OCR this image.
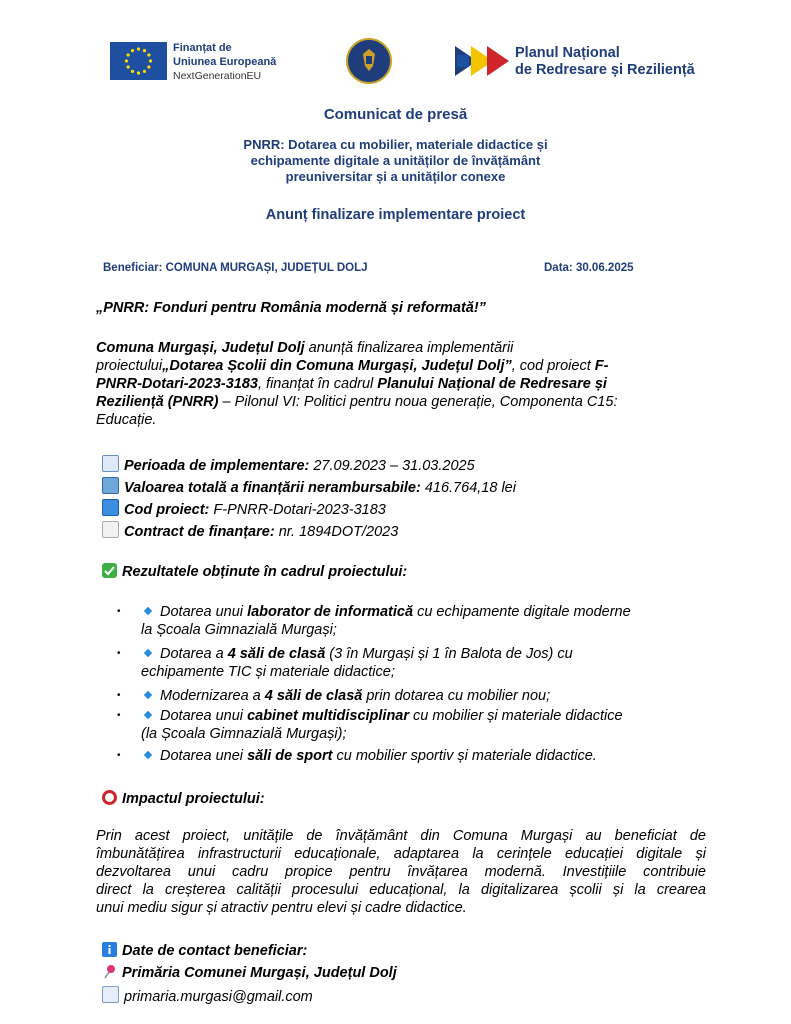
Finanțat de
Uniunea Europeană
NextGenerationEU
Planul Național
de Redresare și Reziliență
Comunicat de presă
PNRR: Dotarea cu mobilier, materiale didactice și
echipamente digitale a unităților de învățământ
preuniversitar și a unităților conexe
Anunț finalizare implementare proiect
Beneficiar: COMUNA MURGAȘI, JUDEȚUL DOLJ	Data: 30.06.2025
„PNRR: Fonduri pentru România modernă și reformată!”
Comuna Murgași, Județul Dolj anunță finalizarea implementării
proiectului„Dotarea Școlii din Comuna Murgași, Județul Dolj”, cod proiect F-
PNRR-Dotari-2023-3183, finanțat în cadrul Planului Național de Redresare și
Reziliență (PNRR) – Pilonul VI: Politici pentru noua generație, Componenta C15:
Educație.
Perioada de implementare: 27.09.2023 – 31.03.2025
Valoarea totală a finanțării nerambursabile: 416.764,18 lei
Cod proiect: F-PNRR-Dotari-2023-3183
Contract de finanțare: nr. 1894DOT/2023
Rezultatele obținute în cadrul proiectului:
•	Dotarea unui laborator de informatică cu echipamente digitale moderne
la Școala Gimnazială Murgași;
•	Dotarea a 4 săli de clasă (3 în Murgași și 1 în Balota de Jos) cu
echipamente TIC și materiale didactice;
•	Modernizarea a 4 săli de clasă prin dotarea cu mobilier nou;
•	Dotarea unui cabinet multidisciplinar cu mobilier și materiale didactice
(la Școala Gimnazială Murgași);
•	Dotarea unei săli de sport cu mobilier sportiv și materiale didactice.
Impactul proiectului:
Prin acest proiect, unitățile de învățământ din Comuna Murgași au beneficiat de
îmbunătățirea infrastructurii educaționale, adaptarea la cerințele educației digitale și
dezvoltarea unui cadru propice pentru învățarea modernă. Investițiile contribuie
direct la creșterea calității procesului educațional, la digitalizarea școlii și la crearea
unui mediu sigur și atractiv pentru elevi și cadre didactice.
Date de contact beneficiar:
Primăria Comunei Murgași, Județul Dolj
primaria.murgasi@gmail.com
